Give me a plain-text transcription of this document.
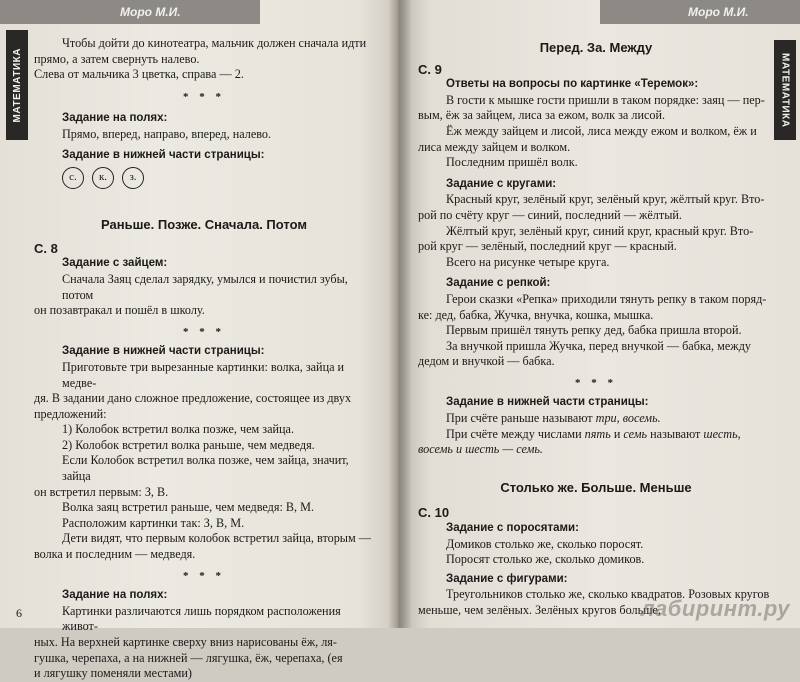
Моро М.И.
МАТЕМАТИКА

Чтобы дойти до кинотеатра, мальчик должен сначала идти

прямо, а затем свернуть налево.

Слева от мальчика 3 цветка, справа — 2.

* * *

Задание на полях:

Прямо, вперед, направо, вперед, налево.

Задание в нижней части страницы:

с.	к.	з.

Раньше. Позже. Сначала. Потом

С. 8

Задание с зайцем:

Сначала Заяц сделал зарядку, умылся и почистил зубы, потом

он позавтракал и пошёл в школу.

* * *

Задание в нижней части страницы:

Приготовьте три вырезанные картинки: волка, зайца и медве-

дя. В задании дано сложное предложение, состоящее из двух

предложений:

1) Колобок встретил волка позже, чем зайца.

2) Колобок встретил волка раньше, чем медведя.

Если Колобок встретил волка позже, чем зайца, значит, зайца

он встретил первым: З, В.

Волка заяц встретил раньше, чем медведя: В, М.

Расположим картинки так: З, В, М.

Дети видят, что первым колобок встретил зайца, вторым —

волка и последним — медведя.

* * *

Задание на полях:

Картинки различаются лишь порядком расположения живот-

ных. На верхней картинке сверху вниз нарисованы ёж, ля-

гушка, черепаха, а на нижней — лягушка, ёж, черепаха, (ея

и лягушку поменяли местами)

6
Моро М.И.
МАТЕМАТИКА

Перед. За. Между

С. 9

Ответы на вопросы по картинке «Теремок»:

В гости к мышке гости пришли в таком порядке: заяц — пер-

вым, ёж за зайцем, лиса за ежом, волк за лисой.

Ёж между зайцем и лисой, лиса между ежом и волком, ёж и

лиса между зайцем и волком.

Последним пришёл волк.

Задание с кругами:

Красный круг, зелёный круг, зелёный круг, жёлтый круг. Вто-

рой по счёту круг — синий, последний — жёлтый.

Жёлтый круг, зелёный круг, синий круг, красный круг. Вто-

рой круг — зелёный, последний круг — красный.

Всего на рисунке четыре круга.

Задание с репкой:

Герои сказки «Репка» приходили тянуть репку в таком поряд-

ке: дед, бабка, Жучка, внучка, кошка, мышка.

Первым пришёл тянуть репку дед, бабка пришла второй.

За внучкой пришла Жучка, перед внучкой — бабка, между

дедом и внучкой — бабка.

* * *

Задание в нижней части страницы:

При счёте раньше называют три, восемь.

При счёте между числами пять и семь называют шесть,

восемь и шесть — семь.

Столько же. Больше. Меньше

С. 10

Задание с поросятами:

Домиков столько же, сколько поросят.

Поросят столько же, сколько домиков.

Задание с фигурами:

Треугольников столько же, сколько квадратов. Розовых кругов

меньше, чем зелёных. Зелёных кругов больше,

лабиринт.ру
